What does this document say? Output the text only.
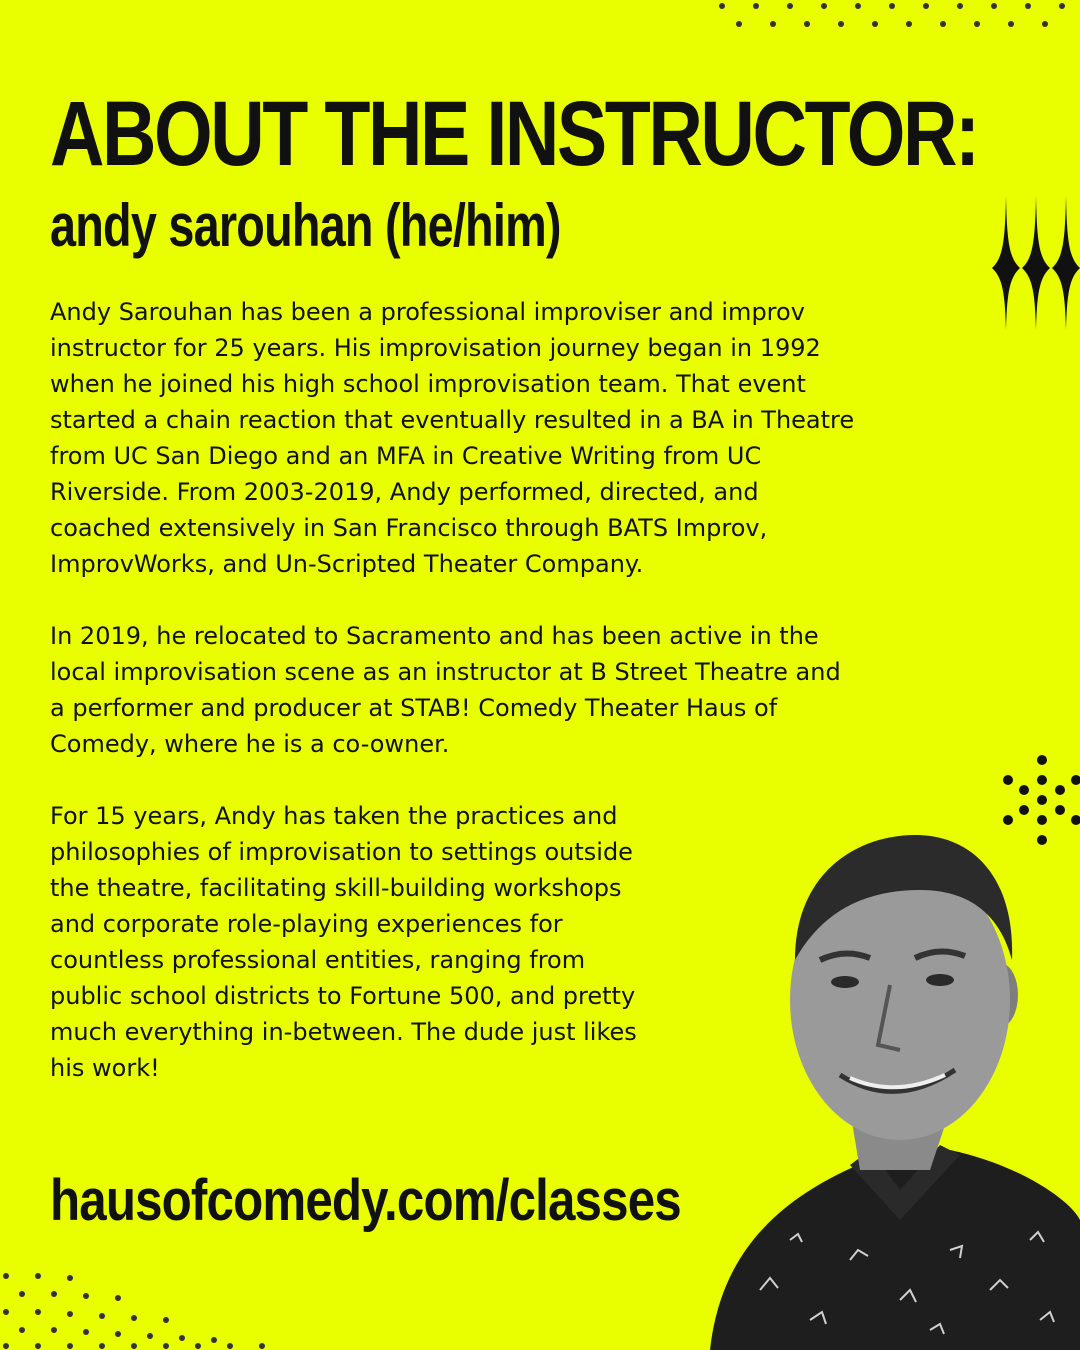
ABOUT THE INSTRUCTOR:
andy sarouhan (he/him)

Andy Sarouhan has been a professional improviser and improv
instructor for 25 years. His improvisation journey began in 1992
when he joined his high school improvisation team. That event
started a chain reaction that eventually resulted in a BA in Theatre
from UC San Diego and an MFA in Creative Writing from UC
Riverside. From 2003-2019, Andy performed, directed, and
coached extensively in San Francisco through BATS Improv,
ImprovWorks, and Un-Scripted Theater Company.

In 2019, he relocated to Sacramento and has been active in the
local improvisation scene as an instructor at B Street Theatre and
a performer and producer at STAB! Comedy Theater Haus of
Comedy, where he is a co-owner.

For 15 years, Andy has taken the practices and
philosophies of improvisation to settings outside
the theatre, facilitating skill-building workshops
and corporate role-playing experiences for
countless professional entities, ranging from
public school districts to Fortune 500, and pretty
much everything in-between. The dude just likes
his work!

hausofcomedy.com/classes
